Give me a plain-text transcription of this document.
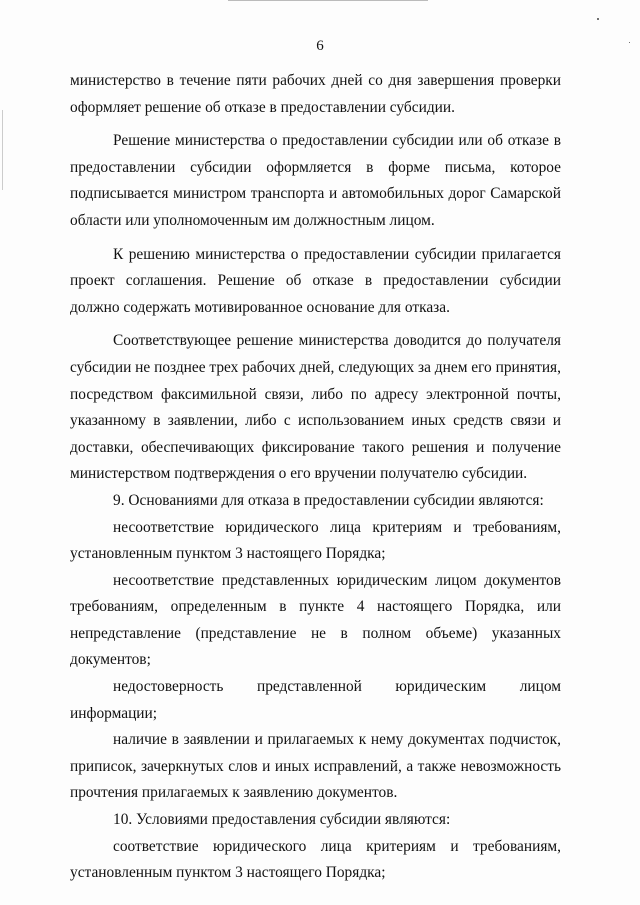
6

министерство в течение пяти рабочих дней со дня завершения проверки оформляет решение об отказе в предоставлении субсидии.

Решение министерства о предоставлении субсидии или об отказе в предоставлении субсидии оформляется в форме письма, которое подписывается министром транспорта и автомобильных дорог Самарской области или уполномоченным им должностным лицом.

К решению министерства о предоставлении субсидии прилагается проект соглашения. Решение об отказе в предоставлении субсидии должно содержать мотивированное основание для отказа.

Соответствующее решение министерства доводится до получателя субсидии не позднее трех рабочих дней, следующих за днем его принятия, посредством факсимильной связи, либо по адресу электронной почты, указанному в заявлении, либо с использованием иных средств связи и доставки, обеспечивающих фиксирование такого решения и получение министерством подтверждения о его вручении получателю субсидии.

9. Основаниями для отказа в предоставлении субсидии являются:

несоответствие юридического лица критериям и требованиям, установленным пунктом 3 настоящего Порядка;

несоответствие представленных юридическим лицом документов требованиям, определенным в пункте 4 настоящего Порядка, или непредставление (представление не в полном объеме) указанных документов;

недостоверность представленной юридическим лицом информации;

наличие в заявлении и прилагаемых к нему документах подчисток, приписок, зачеркнутых слов и иных исправлений, а также невозможность прочтения прилагаемых к заявлению документов.

10. Условиями предоставления субсидии являются:

соответствие юридического лица критериям и требованиям, установленным пунктом 3 настоящего Порядка;
